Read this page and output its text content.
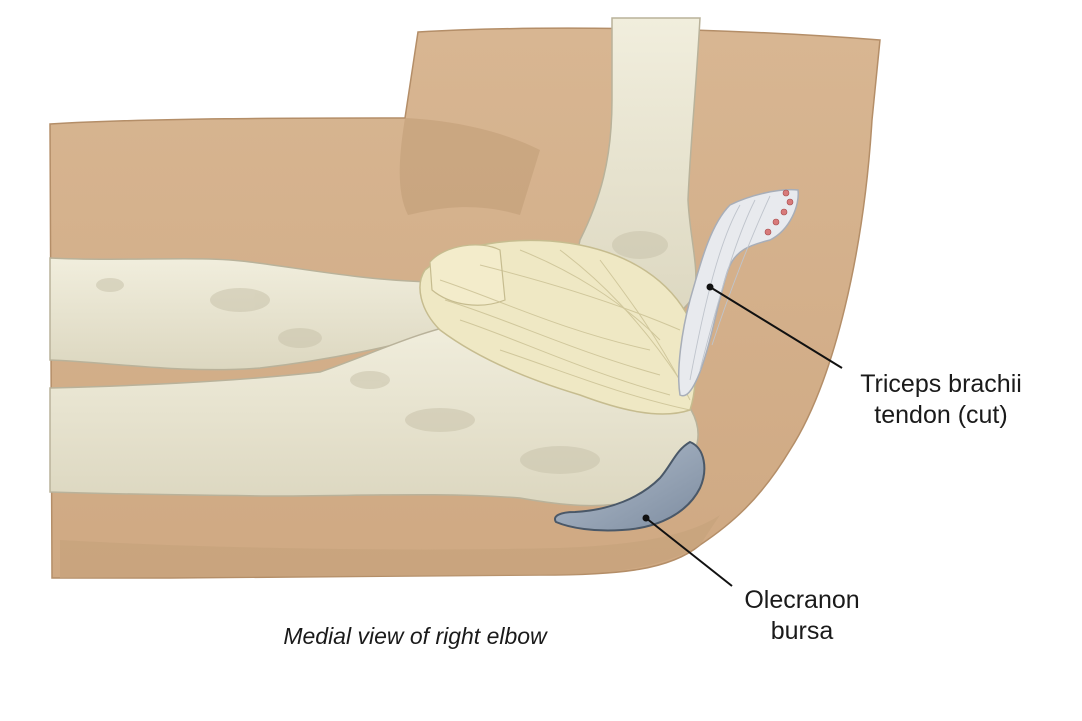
Triceps brachii
tendon (cut)
Olecranon
bursa
Medial view of right elbow
